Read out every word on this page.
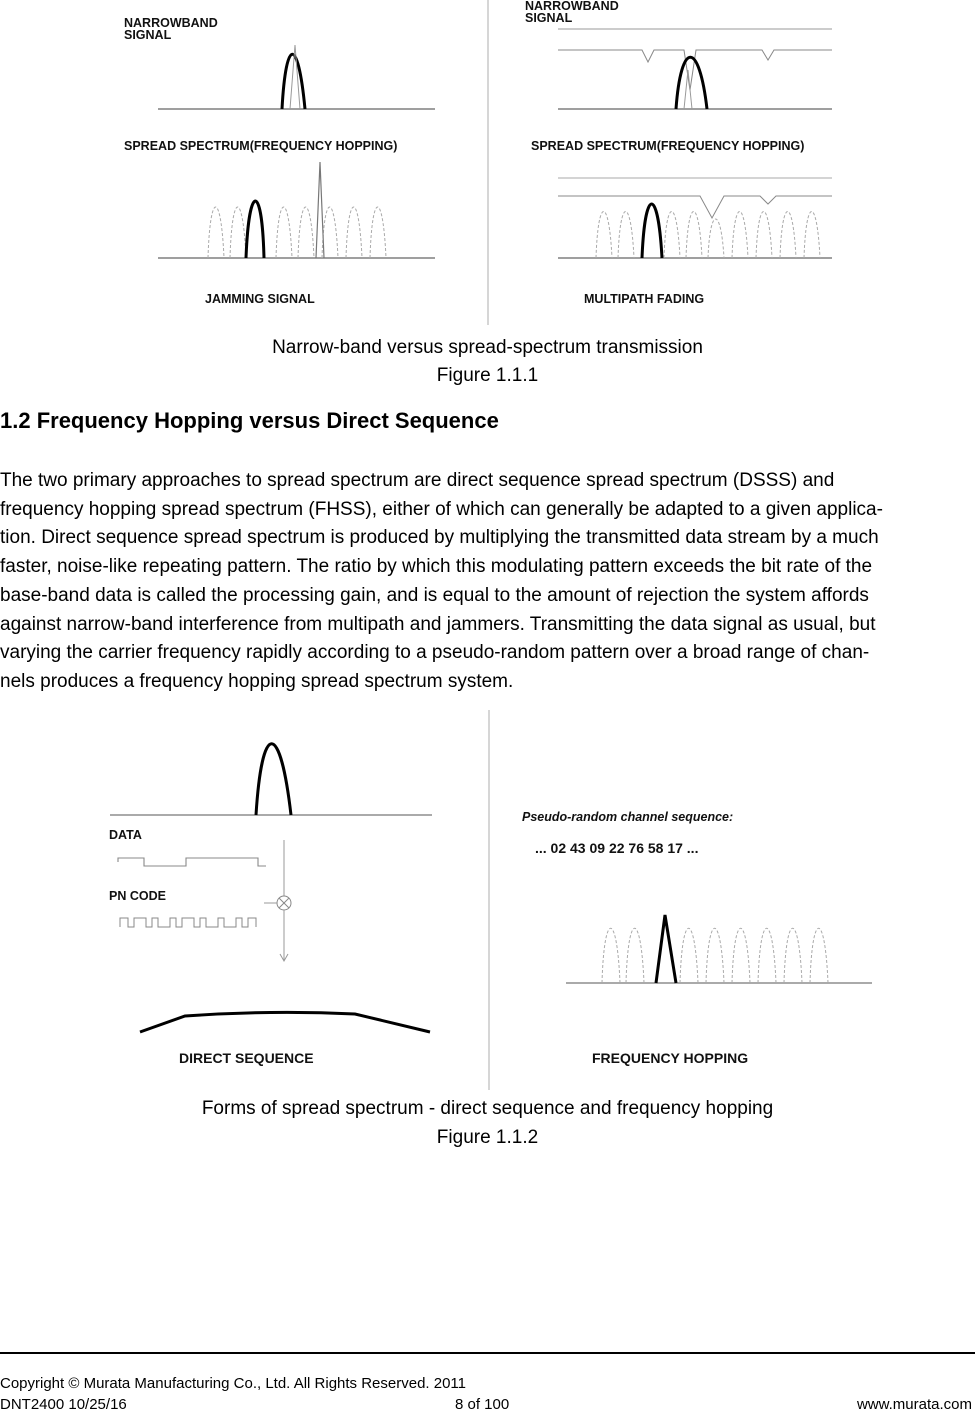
NARROWBAND
SIGNAL
NARROWBAND
SIGNAL
SPREAD SPECTRUM(FREQUENCY HOPPING)	SPREAD SPECTRUM(FREQUENCY HOPPING)
JAMMING SIGNAL	MULTIPATH FADING
Narrow-band versus spread-spectrum transmission
Figure 1.1.1
1.2 Frequency Hopping versus Direct Sequence
The two primary approaches to spread spectrum are direct sequence spread spectrum (DSSS) and
frequency hopping spread spectrum (FHSS), either of which can generally be adapted to a given applica-
tion. Direct sequence spread spectrum is produced by multiplying the transmitted data stream by a much
faster, noise-like repeating pattern. The ratio by which this modulating pattern exceeds the bit rate of the
base-band data is called the processing gain, and is equal to the amount of rejection the system affords
against narrow-band interference from multipath and jammers. Transmitting the data signal as usual, but
varying the carrier frequency rapidly according to a pseudo-random pattern over a broad range of chan-
nels produces a frequency hopping spread spectrum system.
DATA
PN CODE
Pseudo-random channel sequence:
... 02 43 09 22 76 58 17 ...
DIRECT SEQUENCE	FREQUENCY HOPPING
Forms of spread spectrum - direct sequence and frequency hopping
Figure 1.1.2
Copyright © Murata Manufacturing Co., Ltd. All Rights Reserved. 2011
DNT2400 10/25/16	8 of 100	www.murata.com
